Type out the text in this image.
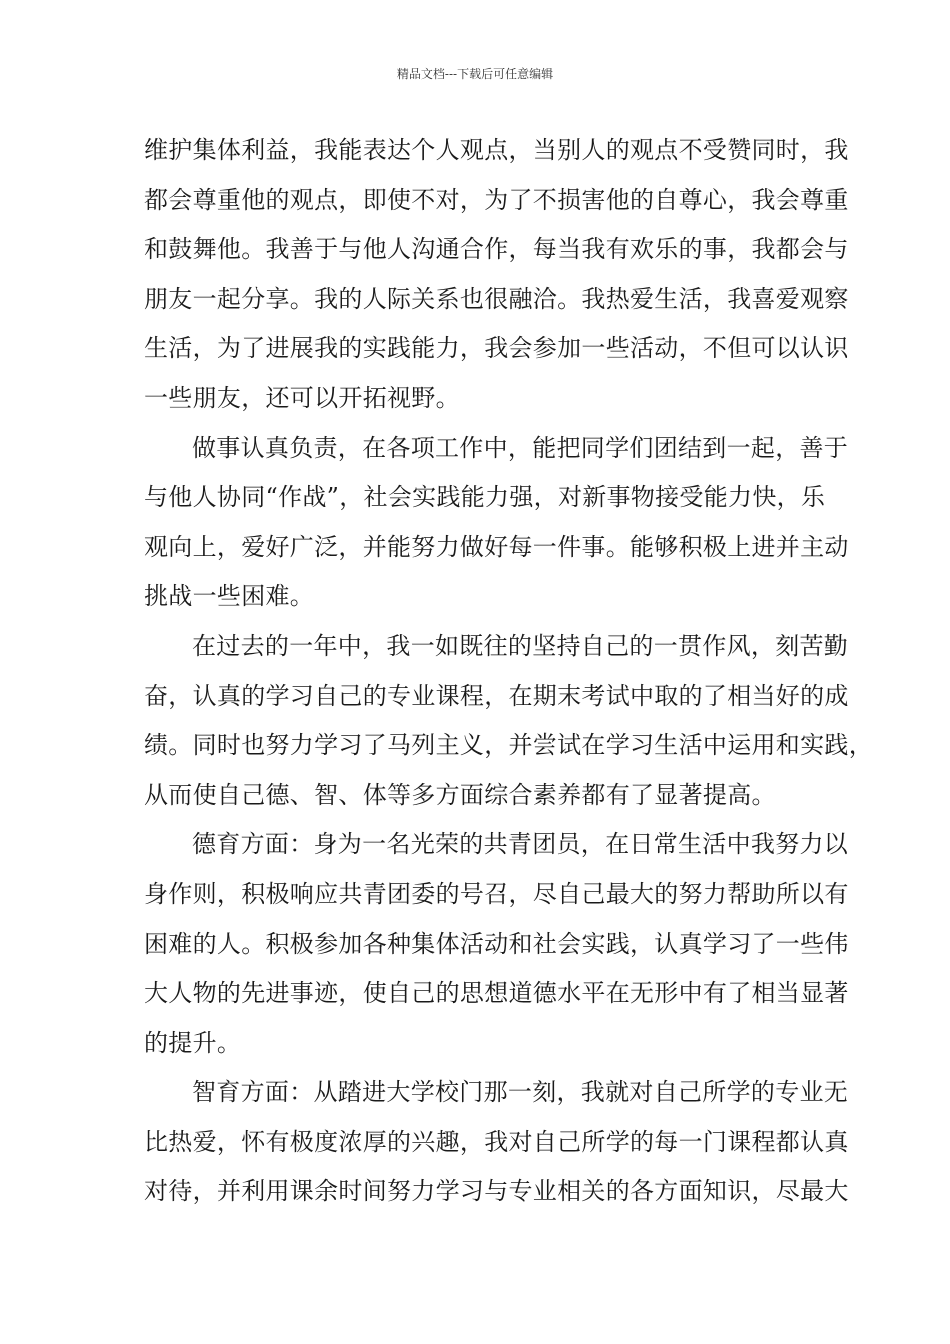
精品文档---下载后可任意编辑
维护集体利益，我能表达个人观点，当别人的观点不受赞同时，我
都会尊重他的观点，即使不对，为了不损害他的自尊心，我会尊重
和鼓舞他。我善于与他人沟通合作，每当我有欢乐的事，我都会与
朋友一起分享。我的人际关系也很融洽。我热爱生活，我喜爱观察
生活，为了进展我的实践能力，我会参加一些活动，不但可以认识
一些朋友，还可以开拓视野。
做事认真负责，在各项工作中，能把同学们团结到一起，善于
与他人协同“作战”，社会实践能力强，对新事物接受能力快，乐
观向上，爱好广泛，并能努力做好每一件事。能够积极上进并主动
挑战一些困难。
在过去的一年中，我一如既往的坚持自己的一贯作风，刻苦勤
奋，认真的学习自己的专业课程，在期末考试中取的了相当好的成
绩。同时也努力学习了马列主义，并尝试在学习生活中运用和实践，
从而使自己德、智、体等多方面综合素养都有了显著提高。
德育方面：身为一名光荣的共青团员，在日常生活中我努力以
身作则，积极响应共青团委的号召，尽自己最大的努力帮助所以有
困难的人。积极参加各种集体活动和社会实践，认真学习了一些伟
大人物的先进事迹，使自己的思想道德水平在无形中有了相当显著
的提升。
智育方面：从踏进大学校门那一刻，我就对自己所学的专业无
比热爱，怀有极度浓厚的兴趣，我对自己所学的每一门课程都认真
对待，并利用课余时间努力学习与专业相关的各方面知识，尽最大
